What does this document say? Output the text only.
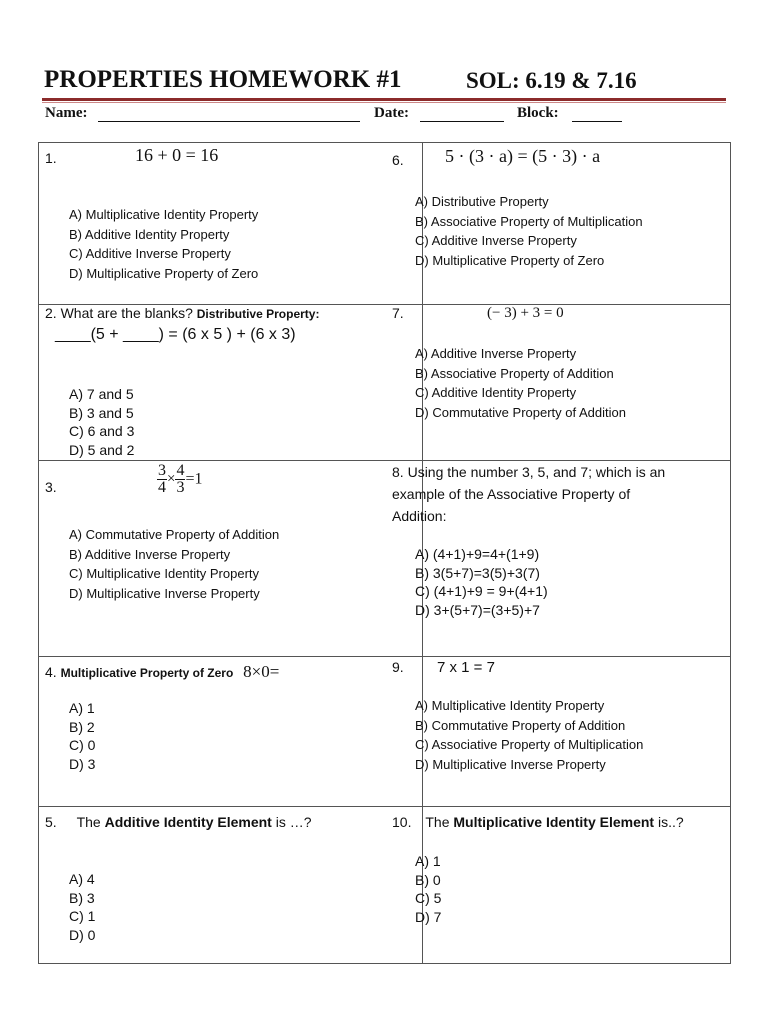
PROPERTIES HOMEWORK #1	SOL: 6.19 & 7.16
Name:	Date:	Block:
1.	16 + 0 = 16
A) Multiplicative Identity Property
B) Additive Identity Property
C) Additive Inverse Property
D) Multiplicative Property of Zero
2. What are the blanks? Distributive Property:
____(5 + ____) = (6 x 5 ) + (6 x 3)
A) 7 and 5
B) 3 and 5
C) 6 and 3
D) 5 and 2
3.	$\frac{3}{4} \times \frac{4}{3} =1$
A) Commutative Property of Addition
B) Additive Inverse Property
C) Multiplicative Identity Property
D) Multiplicative Inverse Property
4. Multiplicative Property of Zero 8×0=
A) 1
B) 2
C) 0
D) 3
5. The Additive Identity Element is …?
A) 4
B) 3
C) 1
D) 0
6. 5 · (3 · a) = (5 · 3) · a
A) Distributive Property
B) Associative Property of Multiplication
C) Additive Inverse Property
D) Multiplicative Property of Zero
7.	(− 3) + 3 = 0
A) Additive Inverse Property
B) Associative Property of Addition
C) Additive Identity Property
D) Commutative Property of Addition
8. Using the number 3, 5, and 7; which is an
example of the Associative Property of
Addition:
A) (4+1)+9=4+(1+9)
B) 3(5+7)=3(5)+3(7)
C) (4+1)+9 = 9+(4+1)
D) 3+(5+7)=(3+5)+7
9. 7 x 1 = 7
A) Multiplicative Identity Property
B) Commutative Property of Addition
C) Associative Property of Multiplication
D) Multiplicative Inverse Property
10. The Multiplicative Identity Element is..?
A) 1
B) 0
C) 5
D) 7
